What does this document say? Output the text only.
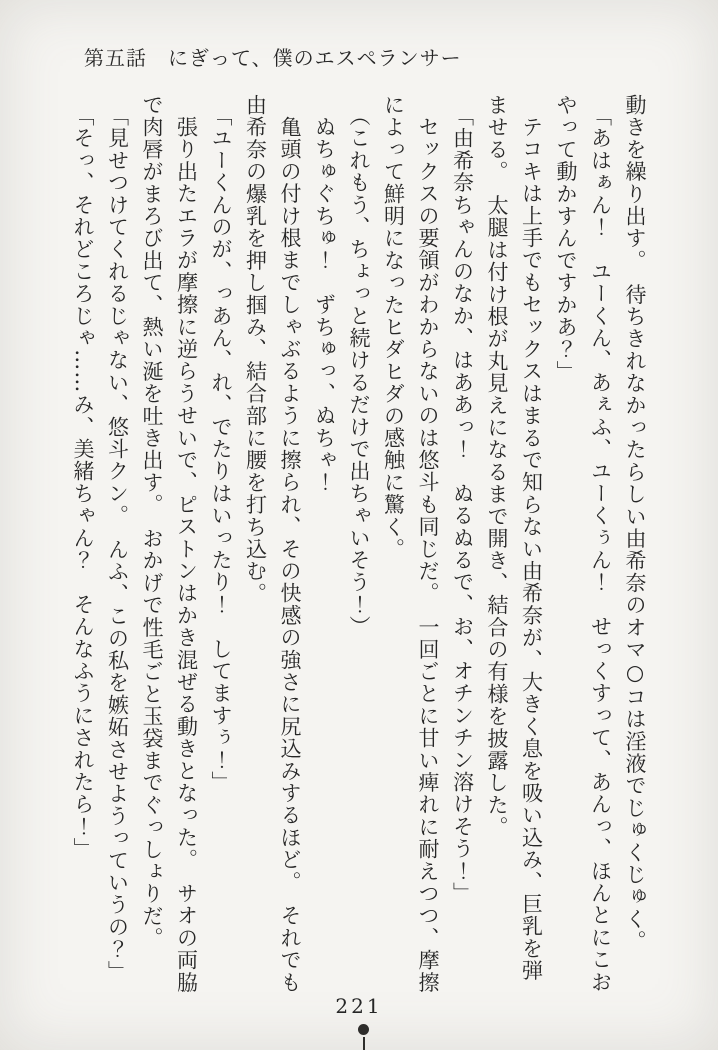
第五話　にぎって、僕のエスペランサー

動きを繰り出す。　待ちきれなかったらしい由希奈のオマ○コは淫液でじゅくじゅく。

「あはぁん！　ユーくん、あぇふ、ユーくぅん！　せっくすって、あんっ、ほんとにこお

やって動かすんですかあ？」

テコキは上手でもセックスはまるで知らない由希奈が、大きく息を吸い込み、巨乳を弾

ませる。　太腿は付け根が丸見えになるまで開き、結合の有様を披露した。

「由希奈ちゃんのなか、はああっ！　ぬるぬるで、お、オチンチン溶けそう！」

セックスの要領がわからないのは悠斗も同じだ。　一回ごとに甘い痺れに耐えつつ、摩擦

によって鮮明になったヒダヒダの感触に驚く。

（これもう、ちょっと続けるだけで出ちゃいそう！）

ぬちゅぐちゅ！　ずちゅっ、ぬちゃ！

亀頭の付け根までしゃぶるように擦られ、その快感の強さに尻込みするほど。　それでも

由希奈の爆乳を押し掴み、結合部に腰を打ち込む。

「ユーくんのが、っあん、れ、でたりはいったり！　してますぅ！」

張り出たエラが摩擦に逆らうせいで、ピストンはかき混ぜる動きとなった。　サオの両脇

で肉唇がまろび出て、熱い涎を吐き出す。　おかげで性毛ごと玉袋までぐっしょりだ。

「見せつけてくれるじゃない、悠斗クン。　んふ、この私を嫉妬させようっていうの？」

「そっ、それどころじゃ……み、美緒ちゃん？　そんなふうにされたら！」

221
